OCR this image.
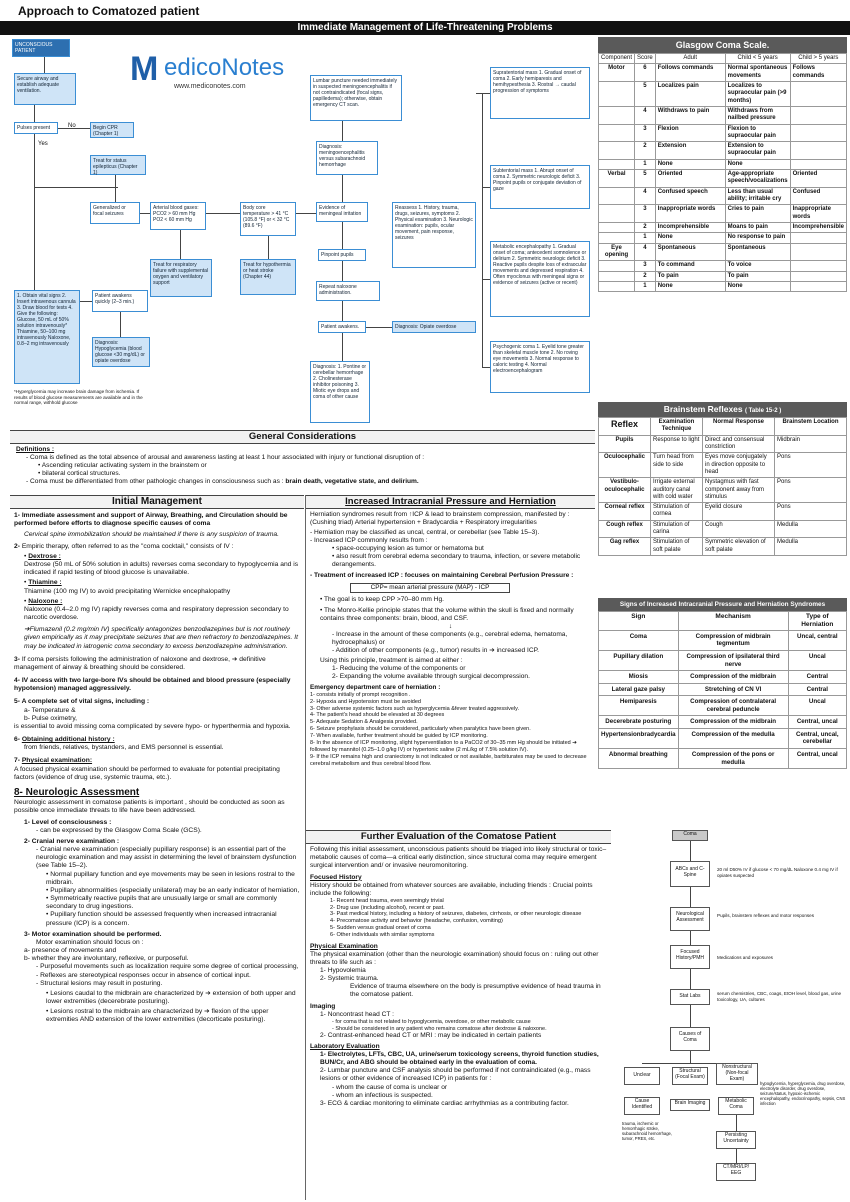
Approach to Comatozed patient
Immediate Management of Life-Threatening Problems
UNCONSCIOUS PATIENT	M edicoNotes
www.mediconotes.com
Secure airway and establish adequate ventilation.
Pulses present	Begin CPR (Chapter 1)
Treat for status epilepticus (Chapter 1)
Generalized or focal seizures
Arterial blood gases: PCO2 > 60 mm Hg PO2 < 60 mm Hg
Body core temperature > 41 °C (105.8 °F) or < 32 °C (89.6 °F)
Evidence of meningeal irritation
Treat for respiratory failure with supplemental oxygen and ventilatory support
Treat for hypothermia or heat stroke (Chapter 44)
Lumbar puncture needed immediately in suspected meningoencephalitis if not contraindicated (focal signs, papilledema); otherwise, obtain emergency CT scan.
Diagnosis: meningoencephalitis versus subarachnoid hemorrhage
Pinpoint pupils
Repeat naloxone administration.
Patient awakens.	Diagnosis: Opiate overdose
Reassess 1. History, trauma, drugs, seizures, symptoms 2. Physical examination 3. Neurologic examination: pupils, ocular movement, pain response, seizures
Diagnosis: 1. Pontine or cerebellar hemorrhage 2. Cholinesterase inhibitor poisoning 3. Miotic eye drops and coma of other cause
1. Obtain vital signs 2. Insert intravenous cannula 3. Draw blood for tests 4. Give the following: Glucose, 50 mL of 50% solution intravenously* Thiamine, 50–100 mg intravenously Naloxone, 0.8–2 mg intravenously
Patient awakens quickly (2–3 min.)
Diagnosis: Hypoglycemia (blood glucose <30 mg/dL) or opiate overdose
*Hyperglycemia may increase brain damage from ischemia. If results of blood glucose measurements are available and in the normal range, withhold glucose
Supratentorial mass 1. Gradual onset of coma 2. Early hemiparesis and hemihypesthesia 3. Rostral → caudal progression of symptoms
Subtentorial mass 1. Abrupt onset of coma 2. Symmetric neurologic deficit 3. Pinpoint pupils or conjugate deviation of gaze
Metabolic encephalopathy 1. Gradual onset of coma; antecedent somnolence or delirium 2. Symmetric neurologic deficit 3. Reactive pupils despite loss of extraocular movements and depressed respiration 4. Often myoclonus with meningeal signs or evidence of seizures (active or recent)
Psychogenic coma 1. Eyelid tone greater than skeletal muscle tone 2. No roving eye movements 3. Normal response to caloric testing 4. Normal electroencephalogram
No
Yes
Glasgow Coma Scale.
Component	Score	Adult	Child < 5 years	Child > 5 years
Motor	6	Follows commands	Normal spontaneous movements	Follows commands
	5	Localizes pain	Localizes to supraocular pain (>9 months)	
	4	Withdraws to pain	Withdraws from nailbed pressure	
	3	Flexion	Flexion to supraocular pain	
	2	Extension	Extension to supraocular pain	
	1	None	None	
Verbal	5	Oriented	Age-appropriate speech/vocalizations	Oriented
	4	Confused speech	Less than usual ability; irritable cry	Confused
	3	Inappropriate words	Cries to pain	Inappropriate words
	2	Incomprehensible	Moans to pain	Incomprehensible
	1	None	No response to pain	
Eye opening	4	Spontaneous	Spontaneous	
	3	To command	To voice	
	2	To pain	To pain	
	1	None	None	
Brainstem Reflexes ( Table 15-2 )
Reflex	Examination Technique	Normal Response	Brainstem Location
Pupils	Response to light	Direct and consensual constriction	Midbrain
Oculocephalic	Turn head from side to side	Eyes move conjugately in direction opposite to head	Pons
Vestibulo-oculocephalic	Irrigate external auditory canal with cold water	Nystagmus with fast component away from stimulus	Pons
Corneal reflex	Stimulation of cornea	Eyelid closure	Pons
Cough reflex	Stimulation of carina	Cough	Medulla
Gag reflex	Stimulation of soft palate	Symmetric elevation of soft palate	Medulla
Signs of Increased Intracranial Pressure and Herniation Syndromes
Sign	Mechanism	Type of Herniation
Coma	Compression of midbrain tegmentum	Uncal, central
Pupillary dilation	Compression of ipsilateral third nerve	Uncal
Miosis	Compression of the midbrain	Central
Lateral gaze palsy	Stretching of CN VI	Central
Hemiparesis	Compression of contralateral cerebral peduncle	Uncal
Decerebrate posturing	Compression of the midbrain	Central, uncal
Hypertensionbradycardia	Compression of the medulla	Central, uncal, cerebellar
Abnormal breathing	Compression of the pons or medulla	Central, uncal
General Considerations

Definitions :

- Coma is defined as the total absence of arousal and awareness lasting at least 1 hour associated with injury or functional disruption of :

• Ascending reticular activating system in the brainstem or

• bilateral cortical structures.

- Coma must be differentiated from other pathologic changes in consciousness such as : brain death, vegetative state, and delirium.

Initial Management

1- Immediate assessment and support of Airway, Breathing, and Circulation should be performed before efforts to diagnose specific causes of coma

Cervical spine immobilization should be maintained if there is any suspicion of trauma.

2- Empiric therapy, often referred to as the "coma cocktail," consists of IV :

• Dextrose :

Dextrose (50 mL of 50% solution in adults) reverses coma secondary to hypoglycemia and is indicated if rapid testing of blood glucose is unavailable.

• Thiamine :

Thiamine (100 mg IV) to avoid precipitating Wernicke encephalopathy

• Naloxone :

Naloxone (0.4–2.0 mg IV) rapidly reverses coma and respiratory depression secondary to narcotic overdose.

➔Flumazenil (0.2 mg/min IV) specifically antagonizes benzodiazepines but is not routinely given empirically as it may precipitate seizures that are then refractory to benzodiazepines. It may be indicated in iatrogenic coma secondary to excess benzodiazepine administration.

3- If coma persists following the administration of naloxone and dextrose, ➔ definitive management of airway & breathing should be considered.

4- IV access with two large-bore IVs should be obtained and blood pressure (especially hypotension) managed aggressively.

5- A complete set of vital signs, including :

a- Temperature &

b- Pulse oximetry,

is essential to avoid missing coma complicated by severe hypo- or hyperthermia and hypoxia.

6- Obtaining additional history :

from friends, relatives, bystanders, and EMS personnel is essential.

7- Physical examination:

A focused physical examination should be performed to evaluate for potential precipitating factors (evidence of drug use, systemic trauma, etc.).

8- Neurologic Assessment

Neurologic assessment in comatose patients is important , should be conducted as soon as possible once immediate threats to life have been addressed.

1- Level of consciousness :

- can be expressed by the Glasgow Coma Scale (GCS).

2- Cranial nerve examination :

- Cranial nerve examination (especially pupillary response) is an essential part of the neurologic examination and may assist in determining the level of brainstem dysfunction (see Table 15–2).

• Normal pupillary function and eye movements may be seen in lesions rostral to the midbrain.

• Pupillary abnormalities (especially unilateral) may be an early indicator of herniation,

• Symmetrically reactive pupils that are unusually large or small are commonly secondary to drug ingestions.

• Pupillary function should be assessed frequently when increased intracranial pressure (ICP) is a concern.

3- Motor examination should be performed.

Motor examination should focus on :

a- presence of movements and

b- whether they are involuntary, reflexive, or purposeful.

- Purposeful movements such as localization require some degree of cortical processing,

- Reflexes are stereotypical responses occur in absence of cortical input.

- Structural lesions may result in posturing.

• Lesions caudal to the midbrain are characterized by ➔ extension of both upper and lower extremities (decerebrate posturing).

• Lesions rostral to the midbrain are characterized by ➔ flexion of the upper extremities AND extension of the lower extremities (decorticate posturing).

Increased Intracranial Pressure and Herniation

Herniation syndromes result from ↑ICP & lead to brainstem compression, manifested by : (Cushing triad) Arterial hypertension + Bradycardia + Respiratory irregularities

- Herniation may be classified as uncal, central, or cerebellar (see Table 15–3).

- Increased ICP commonly results from :

• space-occupying lesion as tumor or hematoma but

• also result from cerebral edema secondary to trauma, infection, or severe metabolic derangements.

- Treatment of increased ICP : focuses on maintaining Cerebral Perfusion Pressure :

CPP= mean arterial pressure (MAP) - ICP

• The goal is to keep CPP >70–80 mm Hg.

• The Monro-Kellie principle states that the volume within the skull is fixed and normally contains three components: brain, blood, and CSF.

↓

- Increase in the amount of these components (e.g., cerebral edema, hematoma, hydrocephalus) or

- Addition of other components (e.g., tumor) results in ➔ increased ICP.

Using this principle, treatment is aimed at either :

1- Reducing the volume of the components or

2- Expanding the volume available through surgical decompression.

Emergency department care of herniation :

1- consists initially of prompt recognition .
2- Hypoxia and Hypotension must be avoided
3- Other adverse systemic factors such as hyperglycemia &fever treated aggressively.
4- The patient's head should be elevated at 30 degrees
5- Adequate Sedation & Analgesia provided.
6- Seizure prophylaxis should be considered, particularly when paralytics have been given.
7- When available, further treatment should be guided by ICP monitoring.
8- In the absence of ICP monitoring, slight hyperventilation to a PaCO2 of 30–35 mm Hg should be initiated ➔ followed by mannitol (0.25–1.0 g/kg IV) or hypertonic saline (2 mL/kg of 7.5% solution IV).
9- If the ICP remains high and craniectomy is not indicated or not available, barbiturates may be used to decrease cerebral metabolism and thus cerebral blood flow.
Further Evaluation of the Comatose Patient

Following this initial assessment, unconscious patients should be triaged into likely structural or toxic–metabolic causes of coma—a critical early distinction, since structural coma may require emergent surgical intervention and/ or invasive neuromonitoring.

Focused History

History should be obtained from whatever sources are available, including friends : Crucial points include the following:

1- Recent head trauma, even seemingly trivial
2- Drug use (including alcohol), recent or past.
3- Past medical history, including a history of seizures, diabetes, cirrhosis, or other neurologic disease
4- Precomatose activity and behavior (headache, confusion, vomiting)
5- Sudden versus gradual onset of coma
6- Other individuals with similar symptoms

Physical Examination

The physical examination (other than the neurologic examination) should focus on : ruling out other threats to life such as :

1- Hypovolemia

2- Systemic trauma.

Evidence of trauma elsewhere on the body is presumptive evidence of head trauma in the comatose patient.

Imaging

1- Noncontrast head CT :

- for coma that is not related to hypoglycemia, overdose, or other metabolic cause

- Should be considered in any patient who remains comatose after dextrose & naloxone.

2- Contrast-enhanced head CT or MRI : may be indicated in certain patients

Laboratory Evaluation

1- Electrolytes, LFTs, CBC, UA, urine/serum toxicology screens, thyroid function studies, BUN/Cr, and ABG should be obtained early in the evaluation of coma.

2- Lumbar puncture and CSF analysis should be performed if not contraindicated (e.g., mass lesions or other evidence of increased ICP) in patients for :

- whom the cause of coma is unclear or

- whom an infectious is suspected.

3- ECG & cardiac monitoring to eliminate cardiac arrhythmias as a contributing factor.

Coma
ABCs and C-Spine
20 ml D50% IV if glucose < 70 mg/dL Naloxone 0.4 mg IV if opiates suspected
Neurological Assessment
Pupils, brainstem reflexes and motor responses
Focused History/PMH	Medications and exposures
Stat Labs	serum chemistries, CBC, coags, EtOH level, blood gas, urine toxicology, UA, cultures
Causes of Coma
Unclear
Structural (Focal Exam)
Nonstructural (Non-focal Exam)
Cause Identified
Brain Imaging	Metabolic Coma
hypoglycemia, hyperglycemia, drug overdose, electrolyte disorder, drug overdose, seizure/status, hypoxic-ischemic encephalopathy, endocrinopathy, sepsis, CNS infection
trauma, ischemic or hemorrhagic stroke, subarachnoid hemorrhage, tumor, PRES, etc.
Persisting Uncertainty
CT/MRI/LP/ EEG
